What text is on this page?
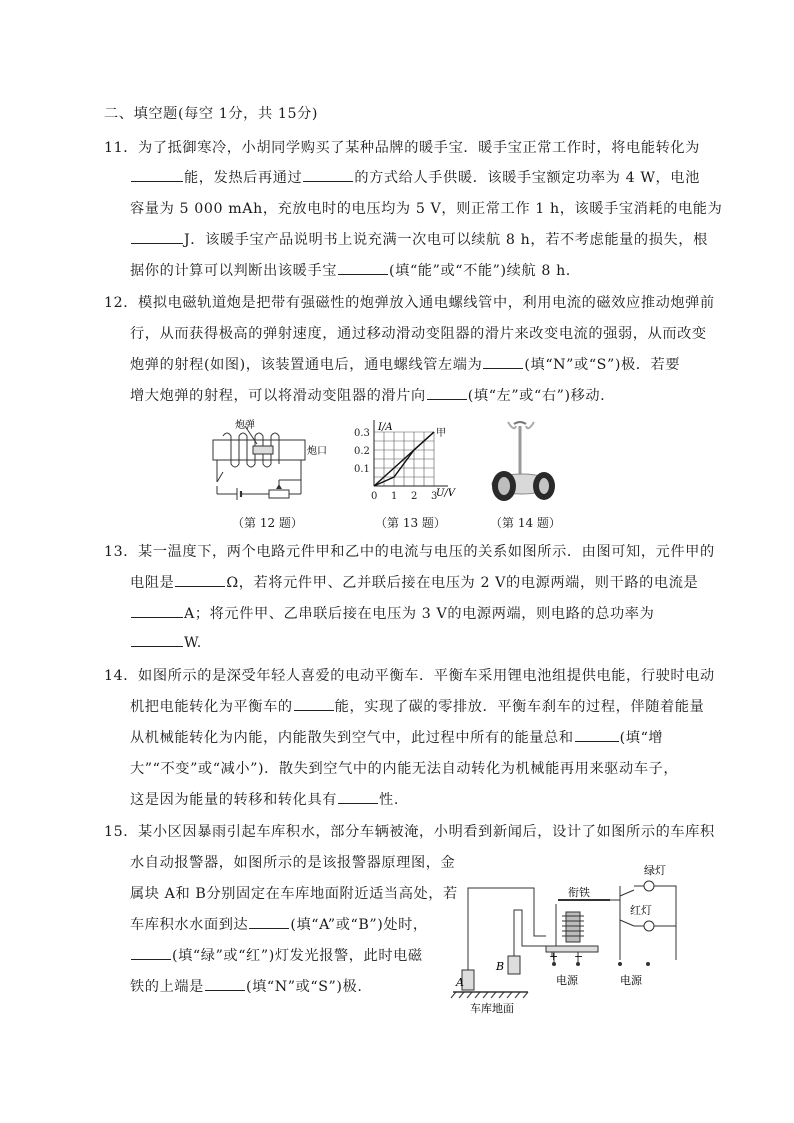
二、填空题(每空 1分，共 15分)
11．为了抵御寒冷，小胡同学购买了某种品牌的暖手宝．暖手宝正常工作时，将电能转化为
能，发热后再通过	的方式给人手供暖．该暖手宝额定功率为 4 W，电池
容量为 5 000 mAh，充放电时的电压均为 5 V，则正常工作 1 h，该暖手宝消耗的电能为
J．该暖手宝产品说明书上说充满一次电可以续航 8 h，若不考虑能量的损失，根
据你的计算可以判断出该暖手宝	(填“能”或“不能”)续航 8 h.
12．模拟电磁轨道炮是把带有强磁性的炮弹放入通电螺线管中，利用电流的磁效应推动炮弹前
行，从而获得极高的弹射速度，通过移动滑动变阻器的滑片来改变电流的强弱，从而改变
炮弹的射程(如图)，该装置通电后，通电螺线管左端为	(填“N”或“S”)极．若要
增大炮弹的射程，可以将滑动变阻器的滑片向	(填“左”或“右”)移动.
炮弹
炮口
0.3
0.2
0.1
0 1 2 3
I/A
U/V
甲
（第 12 题）	（第 13 题）	（第 14 题）
13．某一温度下，两个电路元件甲和乙中的电流与电压的关系如图所示．由图可知，元件甲的
电阻是	Ω，若将元件甲、乙并联后接在电压为 2 V的电源两端，则干路的电流是
A；将元件甲、乙串联后接在电压为 3 V的电源两端，则电路的总功率为
W.
14．如图所示的是深受年轻人喜爱的电动平衡车．平衡车采用锂电池组提供电能，行驶时电动
机把电能转化为平衡车的	能，实现了碳的零排放．平衡车刹车的过程，伴随着能量
从机械能转化为内能，内能散失到空气中，此过程中所有的能量总和	(填“增
大”“不变”或“减小”)．散失到空气中的内能无法自动转化为机械能再用来驱动车子，
这是因为能量的转移和转化具有	性.
15．某小区因暴雨引起车库积水，部分车辆被淹，小明看到新闻后，设计了如图所示的车库积
水自动报警器，如图所示的是该报警器原理图，金
属块 A和 B分别固定在车库地面附近适当高处，若
车库积水水面到达	(填“A”或“B”)处时，
(填“绿”或“红”)灯发光报警，此时电磁
铁的上端是	(填“N”或“S”)极.
绿灯
红灯
衔铁
+ −
电源	电源
A
B
车库地面
